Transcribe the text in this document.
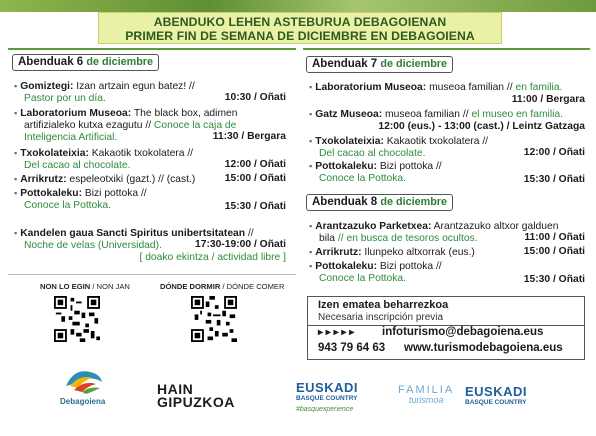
ABENDUKO LEHEN ASTEBURUA DEBAGOIENAN
PRIMER FIN DE SEMANA DE DICIEMBRE EN DEBAGOIENA
Abenduak 6 de diciembre
▪ Gomiztegi: Izan artzain egun batez! //
Pastor por un día.	10:30 / Oñati
▪ Laboratorium Museoa: The black box, adimen
artifizialeko kutxa ezagutu // Conoce la caja de
Inteligencia Artificial.	11:30 / Bergara
▪ Txokolateixia: Kakaotik txokolatera //
Del cacao al chocolate.	12:00 / Oñati
▪ Arrikrutz: espeleotxiki (gazt.) // (cast.)	15:00 / Oñati
▪ Pottokaleku: Bizi pottoka //
Conoce la Pottoka.	15:30 / Oñati
▪ Kandelen gaua Sancti Spiritus unibertsitatean //
Noche de velas (Universidad).	17:30-19:00 / Oñati

[ doako ekintza / actividad libre ]
Abenduak 7 de diciembre
▪ Laboratorium Museoa: museoa familian // en familia.
11:00 / Bergara
▪ Gatz Museoa: museoa familian // el museo en familia.
12:00 (eus.) - 13:00 (cast.) / Leintz Gatzaga
▪ Txokolateixia: Kakaotik txokolatera //
Del cacao al chocolate.	12:00 / Oñati
▪ Pottokaleku: Bizi pottoka //
Conoce la Pottoka.	15:30 / Oñati
Abenduak 8 de diciembre
▪ Arantzazuko Parketxea: Arantzazuko altxor galduen
bila // en busca de tesoros ocultos.	11:00 / Oñati
▪ Arrikrutz: Ilunpeko altxorrak (eus.)	15:00 / Oñati
▪ Pottokaleku: Bizi pottoka //
Conoce la Pottoka.	15:30 / Oñati
NON LO EGIN / NON JAN	DÓNDE DORMIR / DÓNDE COMER
Izen ematea beharrezkoa
Necesaria inscripción previa
▸ ▸ ▸ ▸ ▸ infoturismo@debagoiena.eus
943 79 64 63 www.turismodebagoiena.eus
Debagoiena
HAIN
GIPUZKOA
EUSKADI
BASQUE COUNTRY
#basquexperience
FAMILIA
turismoa
EUSKADI
BASQUE COUNTRY
